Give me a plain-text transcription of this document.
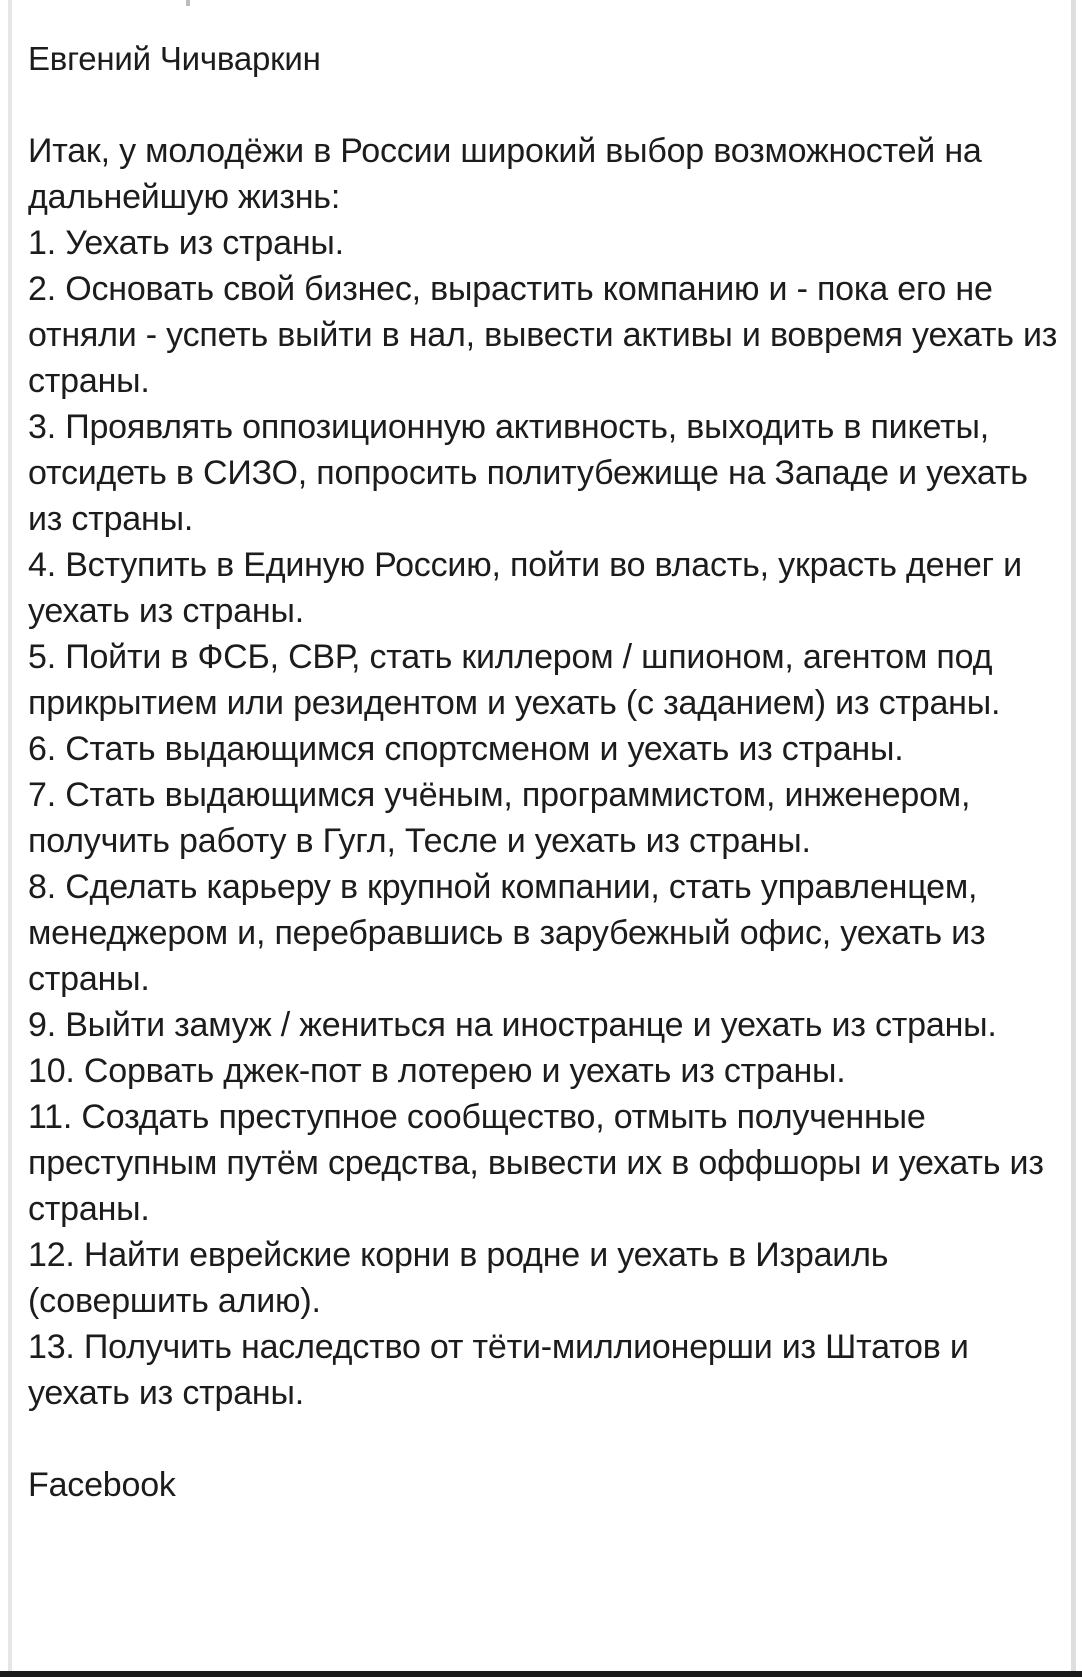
Евгений Чичваркин
Итак, у молодёжи в России широкий выбор возможностей на дальнейшую жизнь:
1. Уехать из страны.
2. Основать свой бизнес, вырастить компанию и - пока его не отняли - успеть выйти в нал, вывести активы и вовремя уехать из страны.
3. Проявлять оппозиционную активность, выходить в пикеты, отсидеть в СИЗО, попросить политубежище на Западе и уехать из страны.
4. Вступить в Единую Россию, пойти во власть, украсть денег и уехать из страны.
5. Пойти в ФСБ, СВР, стать киллером / шпионом, агентом под прикрытием или резидентом и уехать (с заданием) из страны.
6. Стать выдающимся спортсменом и уехать из страны.
7. Стать выдающимся учёным, программистом, инженером, получить работу в Гугл, Тесле и уехать из страны.
8. Сделать карьеру в крупной компании, стать управленцем, менеджером и, перебравшись в зарубежный офис, уехать из страны.
9. Выйти замуж / жениться на иностранце и уехать из страны.
10. Сорвать джек-пот в лотерею и уехать из страны.
11. Создать преступное сообщество, отмыть полученные преступным путём средства, вывести их в оффшоры и уехать из страны.
12. Найти еврейские корни в родне и уехать в Израиль (совершить алию).
13. Получить наследство от тёти-миллионерши из Штатов и уехать из страны.
Facebook
